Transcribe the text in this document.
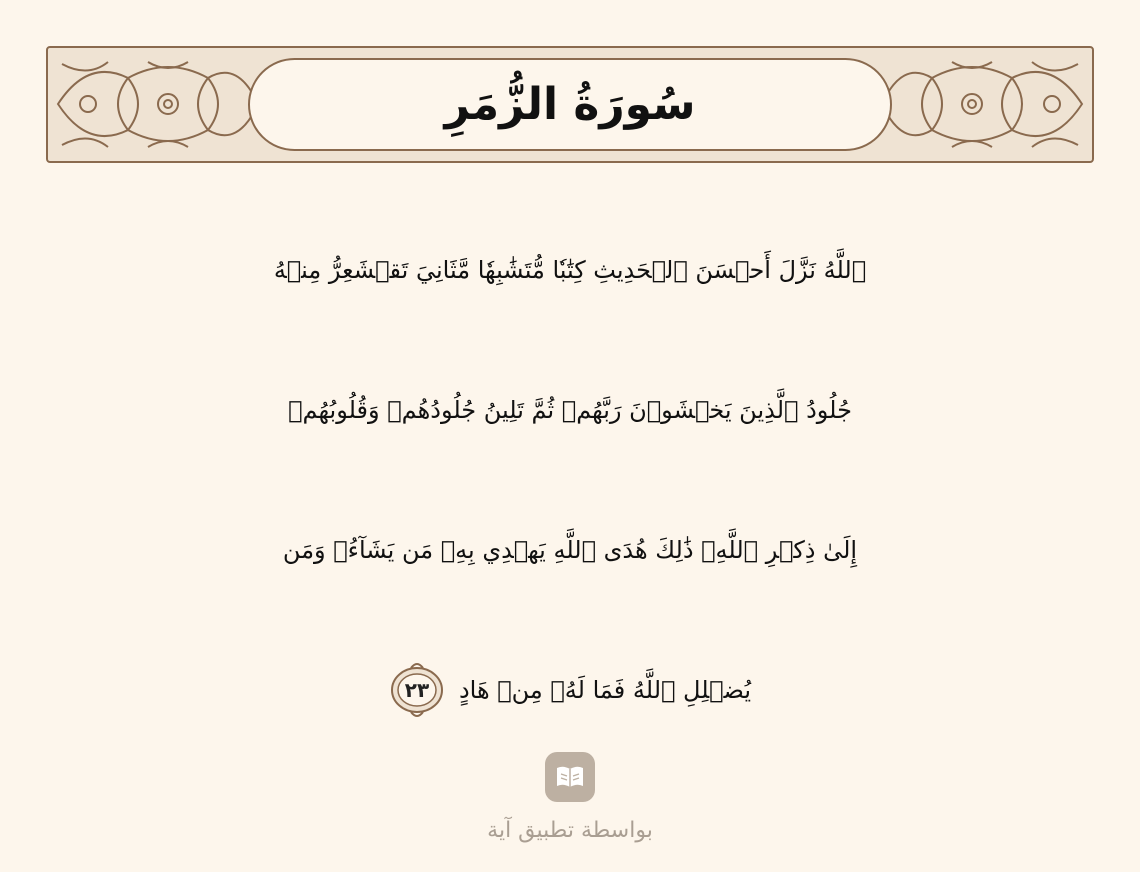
سُورَةُ الزُّمَرِ
ٱللَّهُ نَزَّلَ أَحۡسَنَ ٱلۡحَدِيثِ كِتَٰبٗا مُّتَشَٰبِهٗا مَّثَانِيَ تَقۡشَعِرُّ مِنۡهُ
جُلُودُ ٱلَّذِينَ يَخۡشَوۡنَ رَبَّهُمۡ ثُمَّ تَلِينُ جُلُودُهُمۡ وَقُلُوبُهُمۡ
إِلَىٰ ذِكۡرِ ٱللَّهِۚ ذَٰلِكَ هُدَى ٱللَّهِ يَهۡدِي بِهِۦ مَن يَشَآءُۚ وَمَن
يُضۡلِلِ ٱللَّهُ فَمَا لَهُۥ مِنۡ هَادٍ
٢٣
بواسطة تطبيق آية
